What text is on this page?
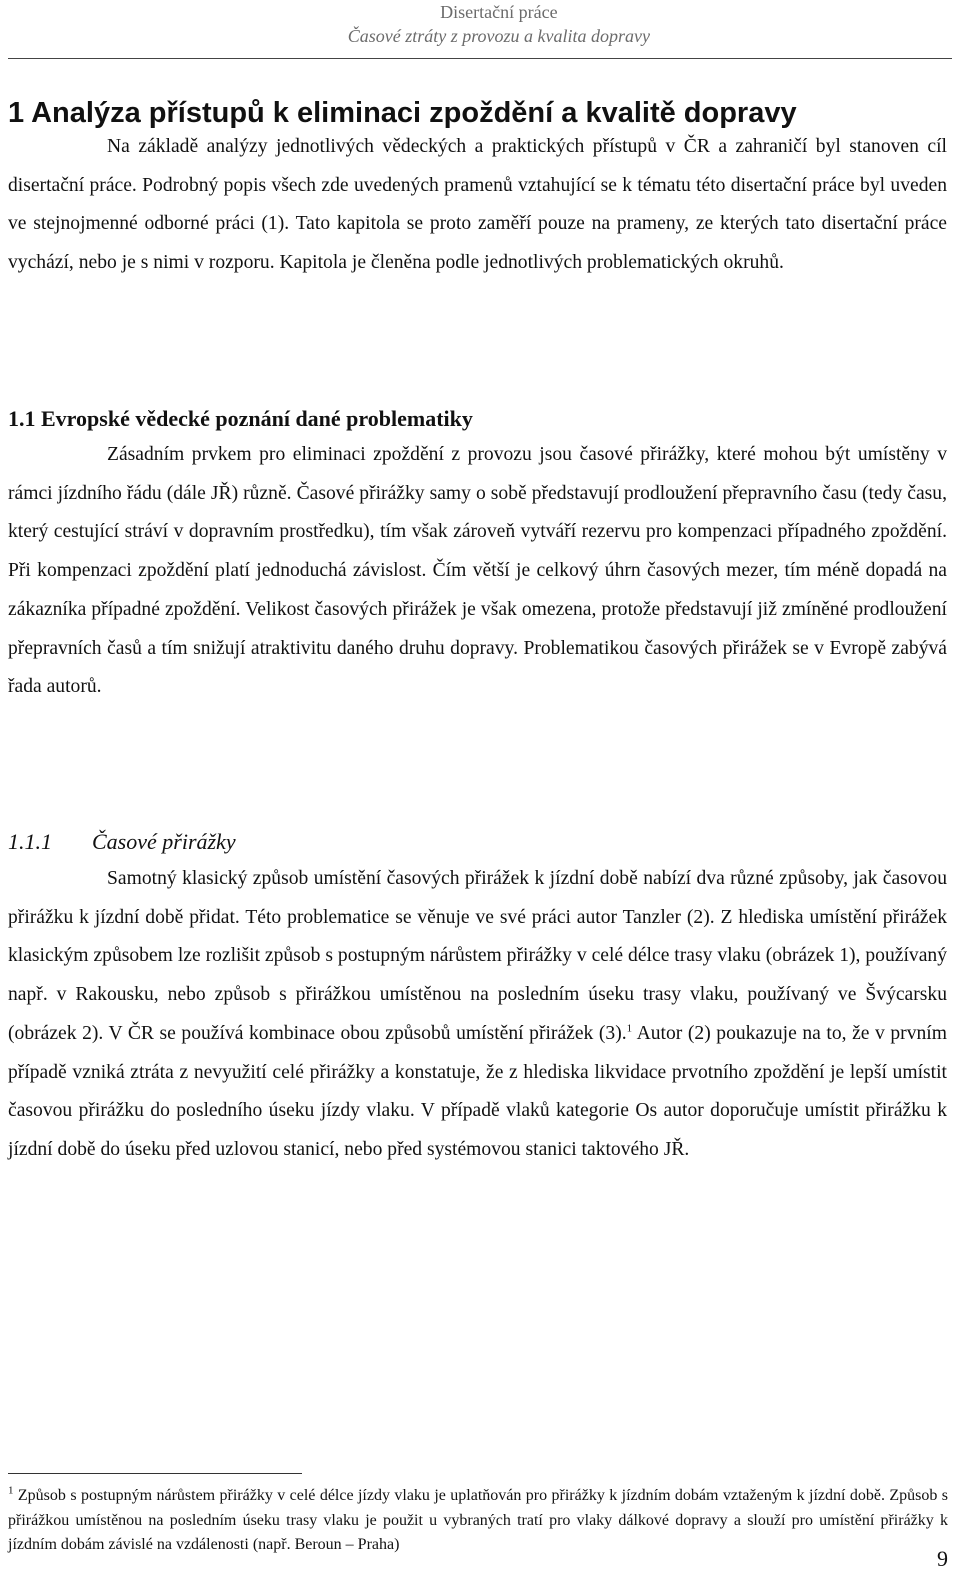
Disertační práce
Časové ztráty z provozu a kvalita dopravy
1 Analýza přístupů k eliminaci zpoždění a kvalitě dopravy

Na základě analýzy jednotlivých vědeckých a praktických přístupů v ČR a zahraničí byl stanoven cíl disertační práce. Podrobný popis všech zde uvedených pramenů vztahující se k tématu této disertační práce byl uveden ve stejnojmenné odborné práci (1). Tato kapitola se proto zaměří pouze na prameny, ze kterých tato disertační práce vychází, nebo je s nimi v rozporu. Kapitola je členěna podle jednotlivých problematických okruhů.

1.1 Evropské vědecké poznání dané problematiky

Zásadním prvkem pro eliminaci zpoždění z provozu jsou časové přirážky, které mohou být umístěny v rámci jízdního řádu (dále JŘ) různě. Časové přirážky samy o sobě představují prodloužení přepravního času (tedy času, který cestující stráví v dopravním prostředku), tím však zároveň vytváří rezervu pro kompenzaci případného zpoždění. Při kompenzaci zpoždění platí jednoduchá závislost. Čím větší je celkový úhrn časových mezer, tím méně dopadá na zákazníka případné zpoždění. Velikost časových přirážek je však omezena, protože představují již zmíněné prodloužení přepravních časů a tím snižují atraktivitu daného druhu dopravy. Problematikou časových přirážek se v Evropě zabývá řada autorů.

1.1.1 Časové přirážky

Samotný klasický způsob umístění časových přirážek k jízdní době nabízí dva různé způsoby, jak časovou přirážku k jízdní době přidat. Této problematice se věnuje ve své práci autor Tanzler (2). Z hlediska umístění přirážek klasickým způsobem lze rozlišit způsob s postupným nárůstem přirážky v celé délce trasy vlaku (obrázek 1), používaný např. v Rakousku, nebo způsob s přirážkou umístěnou na posledním úseku trasy vlaku, používaný ve Švýcarsku (obrázek 2). V ČR se používá kombinace obou způsobů umístění přirážek (3).$^1$ Autor (2) poukazuje na to, že v prvním případě vzniká ztráta z nevyužití celé přirážky a konstatuje, že z hlediska likvidace prvotního zpoždění je lepší umístit časovou přirážku do posledního úseku jízdy vlaku. V případě vlaků kategorie Os autor doporučuje umístit přirážku k jízdní době do úseku před uzlovou stanicí, nebo před systémovou stanici taktového JŘ.

$^1$ Způsob s postupným nárůstem přirážky v celé délce jízdy vlaku je uplatňován pro přirážky k jízdním dobám vztaženým k jízdní době. Způsob s přirážkou umístěnou na posledním úseku trasy vlaku je použit u vybraných tratí pro vlaky dálkové dopravy a slouží pro umístění přirážky k jízdním dobám závislé na vzdálenosti (např. Beroun – Praha)

9
